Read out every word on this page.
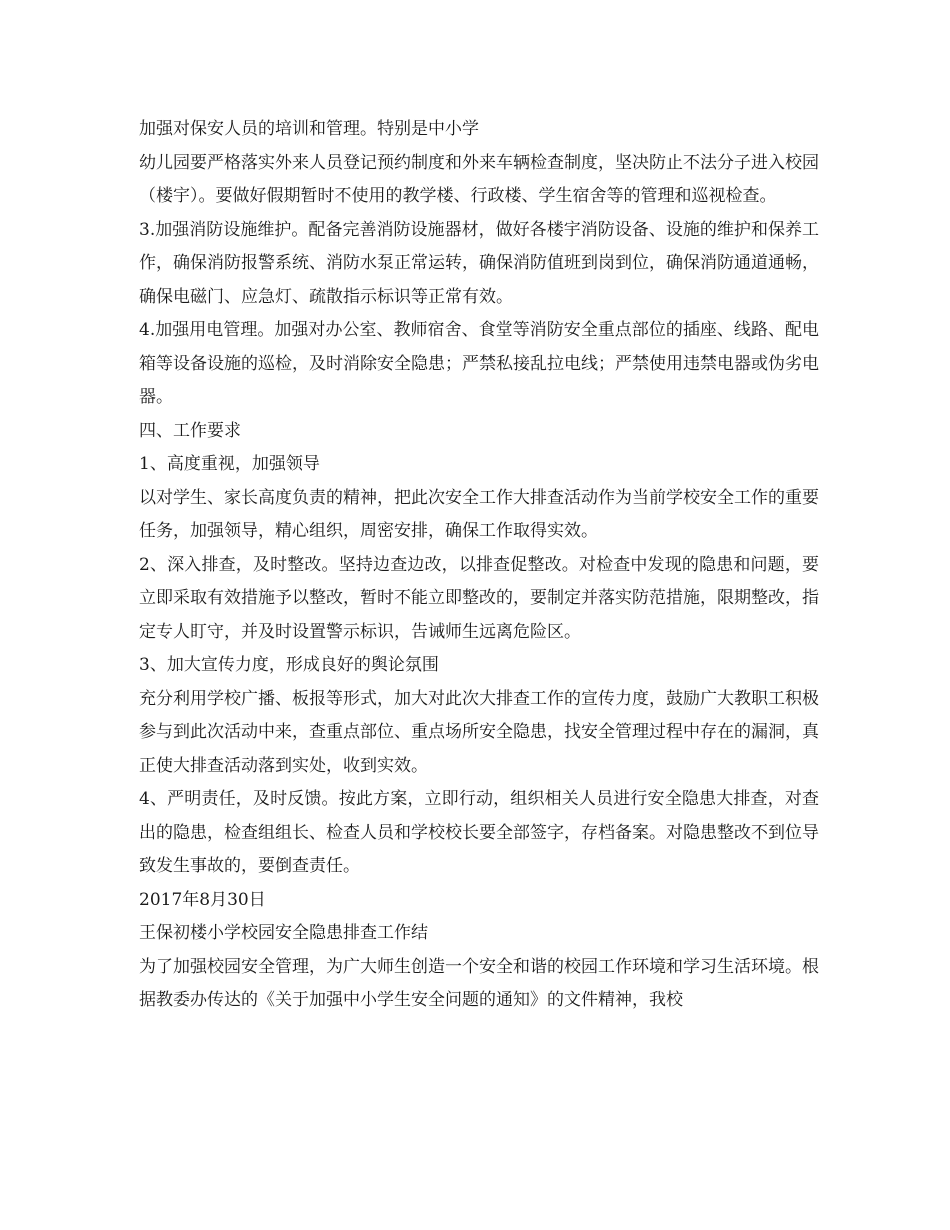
加强对保安人员的培训和管理。特别是中小学

幼儿园要严格落实外来人员登记预约制度和外来车辆检查制度，坚决防止不法分子进入校园（楼宇）。要做好假期暂时不使用的教学楼、行政楼、学生宿舍等的管理和巡视检查。

3.加强消防设施维护。配备完善消防设施器材，做好各楼宇消防设备、设施的维护和保养工作，确保消防报警系统、消防水泵正常运转，确保消防值班到岗到位，确保消防通道通畅，确保电磁门、应急灯、疏散指示标识等正常有效。

4.加强用电管理。加强对办公室、教师宿舍、食堂等消防安全重点部位的插座、线路、配电箱等设备设施的巡检，及时消除安全隐患；严禁私接乱拉电线；严禁使用违禁电器或伪劣电器。

四、工作要求

1、高度重视，加强领导

以对学生、家长高度负责的精神，把此次安全工作大排查活动作为当前学校安全工作的重要任务，加强领导，精心组织，周密安排，确保工作取得实效。

2、深入排查，及时整改。坚持边查边改，以排查促整改。对检查中发现的隐患和问题，要立即采取有效措施予以整改，暂时不能立即整改的，要制定并落实防范措施，限期整改，指定专人盯守，并及时设置警示标识，告诫师生远离危险区。

3、加大宣传力度，形成良好的舆论氛围

充分利用学校广播、板报等形式，加大对此次大排查工作的宣传力度，鼓励广大教职工积极参与到此次活动中来，查重点部位、重点场所安全隐患，找安全管理过程中存在的漏洞，真正使大排查活动落到实处，收到实效。

4、严明责任，及时反馈。按此方案，立即行动，组织相关人员进行安全隐患大排查，对查出的隐患，检查组组长、检查人员和学校校长要全部签字，存档备案。对隐患整改不到位导致发生事故的，要倒查责任。

2017年8月30日

王保初楼小学校园安全隐患排查工作结

为了加强校园安全管理，为广大师生创造一个安全和谐的校园工作环境和学习生活环境。根据教委办传达的《关于加强中小学生安全问题的通知》的文件精神，我校
